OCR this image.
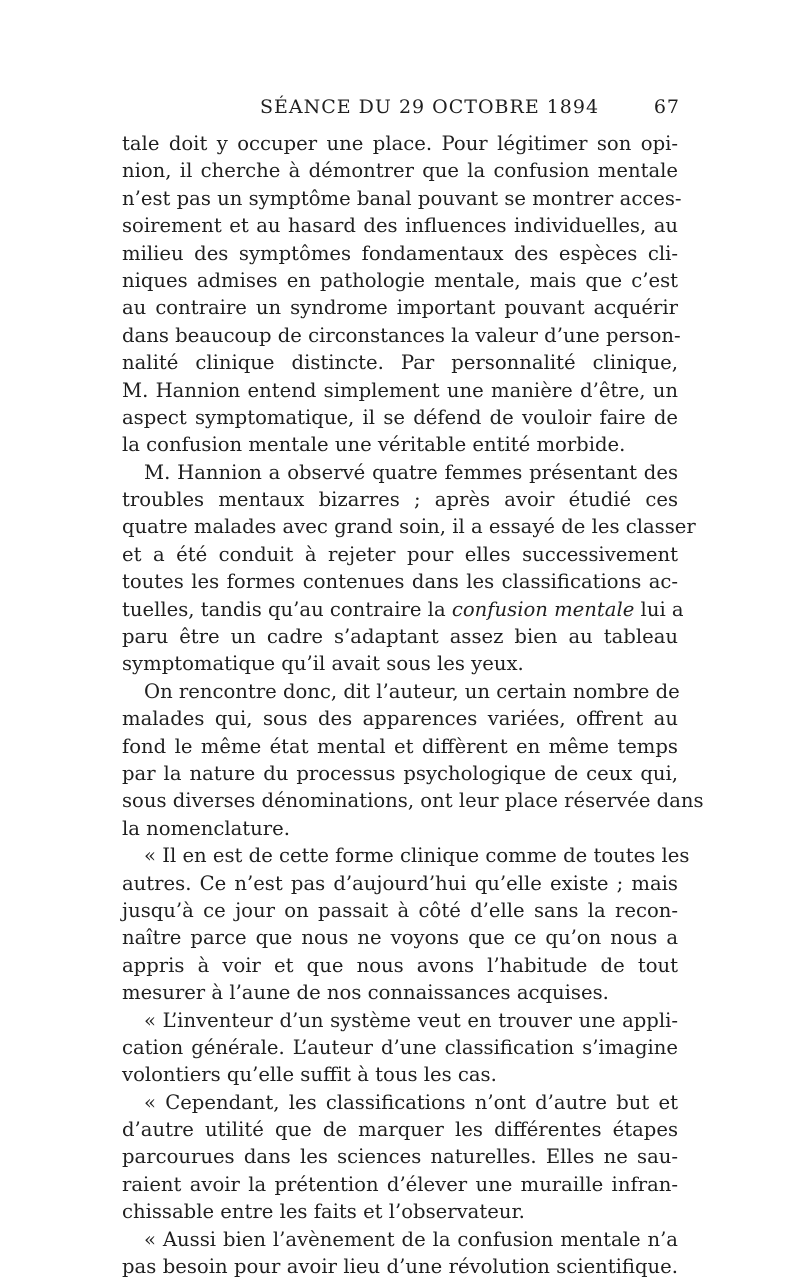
SÉANCE DU 29 OCTOBRE 1894	67
tale doit y occuper une place. Pour légitimer son opi-
nion, il cherche à démontrer que la confusion mentale
n’est pas un symptôme banal pouvant se montrer acces-
soirement et au hasard des influences individuelles, au
milieu des symptômes fondamentaux des espèces cli-
niques admises en pathologie mentale, mais que c’est
au contraire un syndrome important pouvant acquérir
dans beaucoup de circonstances la valeur d’une person-
nalité clinique distincte. Par personnalité clinique,
M. Hannion entend simplement une manière d’être, un
aspect symptomatique, il se défend de vouloir faire de
la confusion mentale une véritable entité morbide.
M. Hannion a observé quatre femmes présentant des
troubles mentaux bizarres ; après avoir étudié ces
quatre malades avec grand soin, il a essayé de les classer
et a été conduit à rejeter pour elles successivement
toutes les formes contenues dans les classifications ac-
tuelles, tandis qu’au contraire la confusion mentale lui a
paru être un cadre s’adaptant assez bien au tableau
symptomatique qu’il avait sous les yeux.
On rencontre donc, dit l’auteur, un certain nombre de
malades qui, sous des apparences variées, offrent au
fond le même état mental et diffèrent en même temps
par la nature du processus psychologique de ceux qui,
sous diverses dénominations, ont leur place réservée dans
la nomenclature.
« Il en est de cette forme clinique comme de toutes les
autres. Ce n’est pas d’aujourd’hui qu’elle existe ; mais
jusqu’à ce jour on passait à côté d’elle sans la recon-
naître parce que nous ne voyons que ce qu’on nous a
appris à voir et que nous avons l’habitude de tout
mesurer à l’aune de nos connaissances acquises.
« L’inventeur d’un système veut en trouver une appli-
cation générale. L’auteur d’une classification s’imagine
volontiers qu’elle suffit à tous les cas.
« Cependant, les classifications n’ont d’autre but et
d’autre utilité que de marquer les différentes étapes
parcourues dans les sciences naturelles. Elles ne sau-
raient avoir la prétention d’élever une muraille infran-
chissable entre les faits et l’observateur.
« Aussi bien l’avènement de la confusion mentale n’a
pas besoin pour avoir lieu d’une révolution scientifique.
